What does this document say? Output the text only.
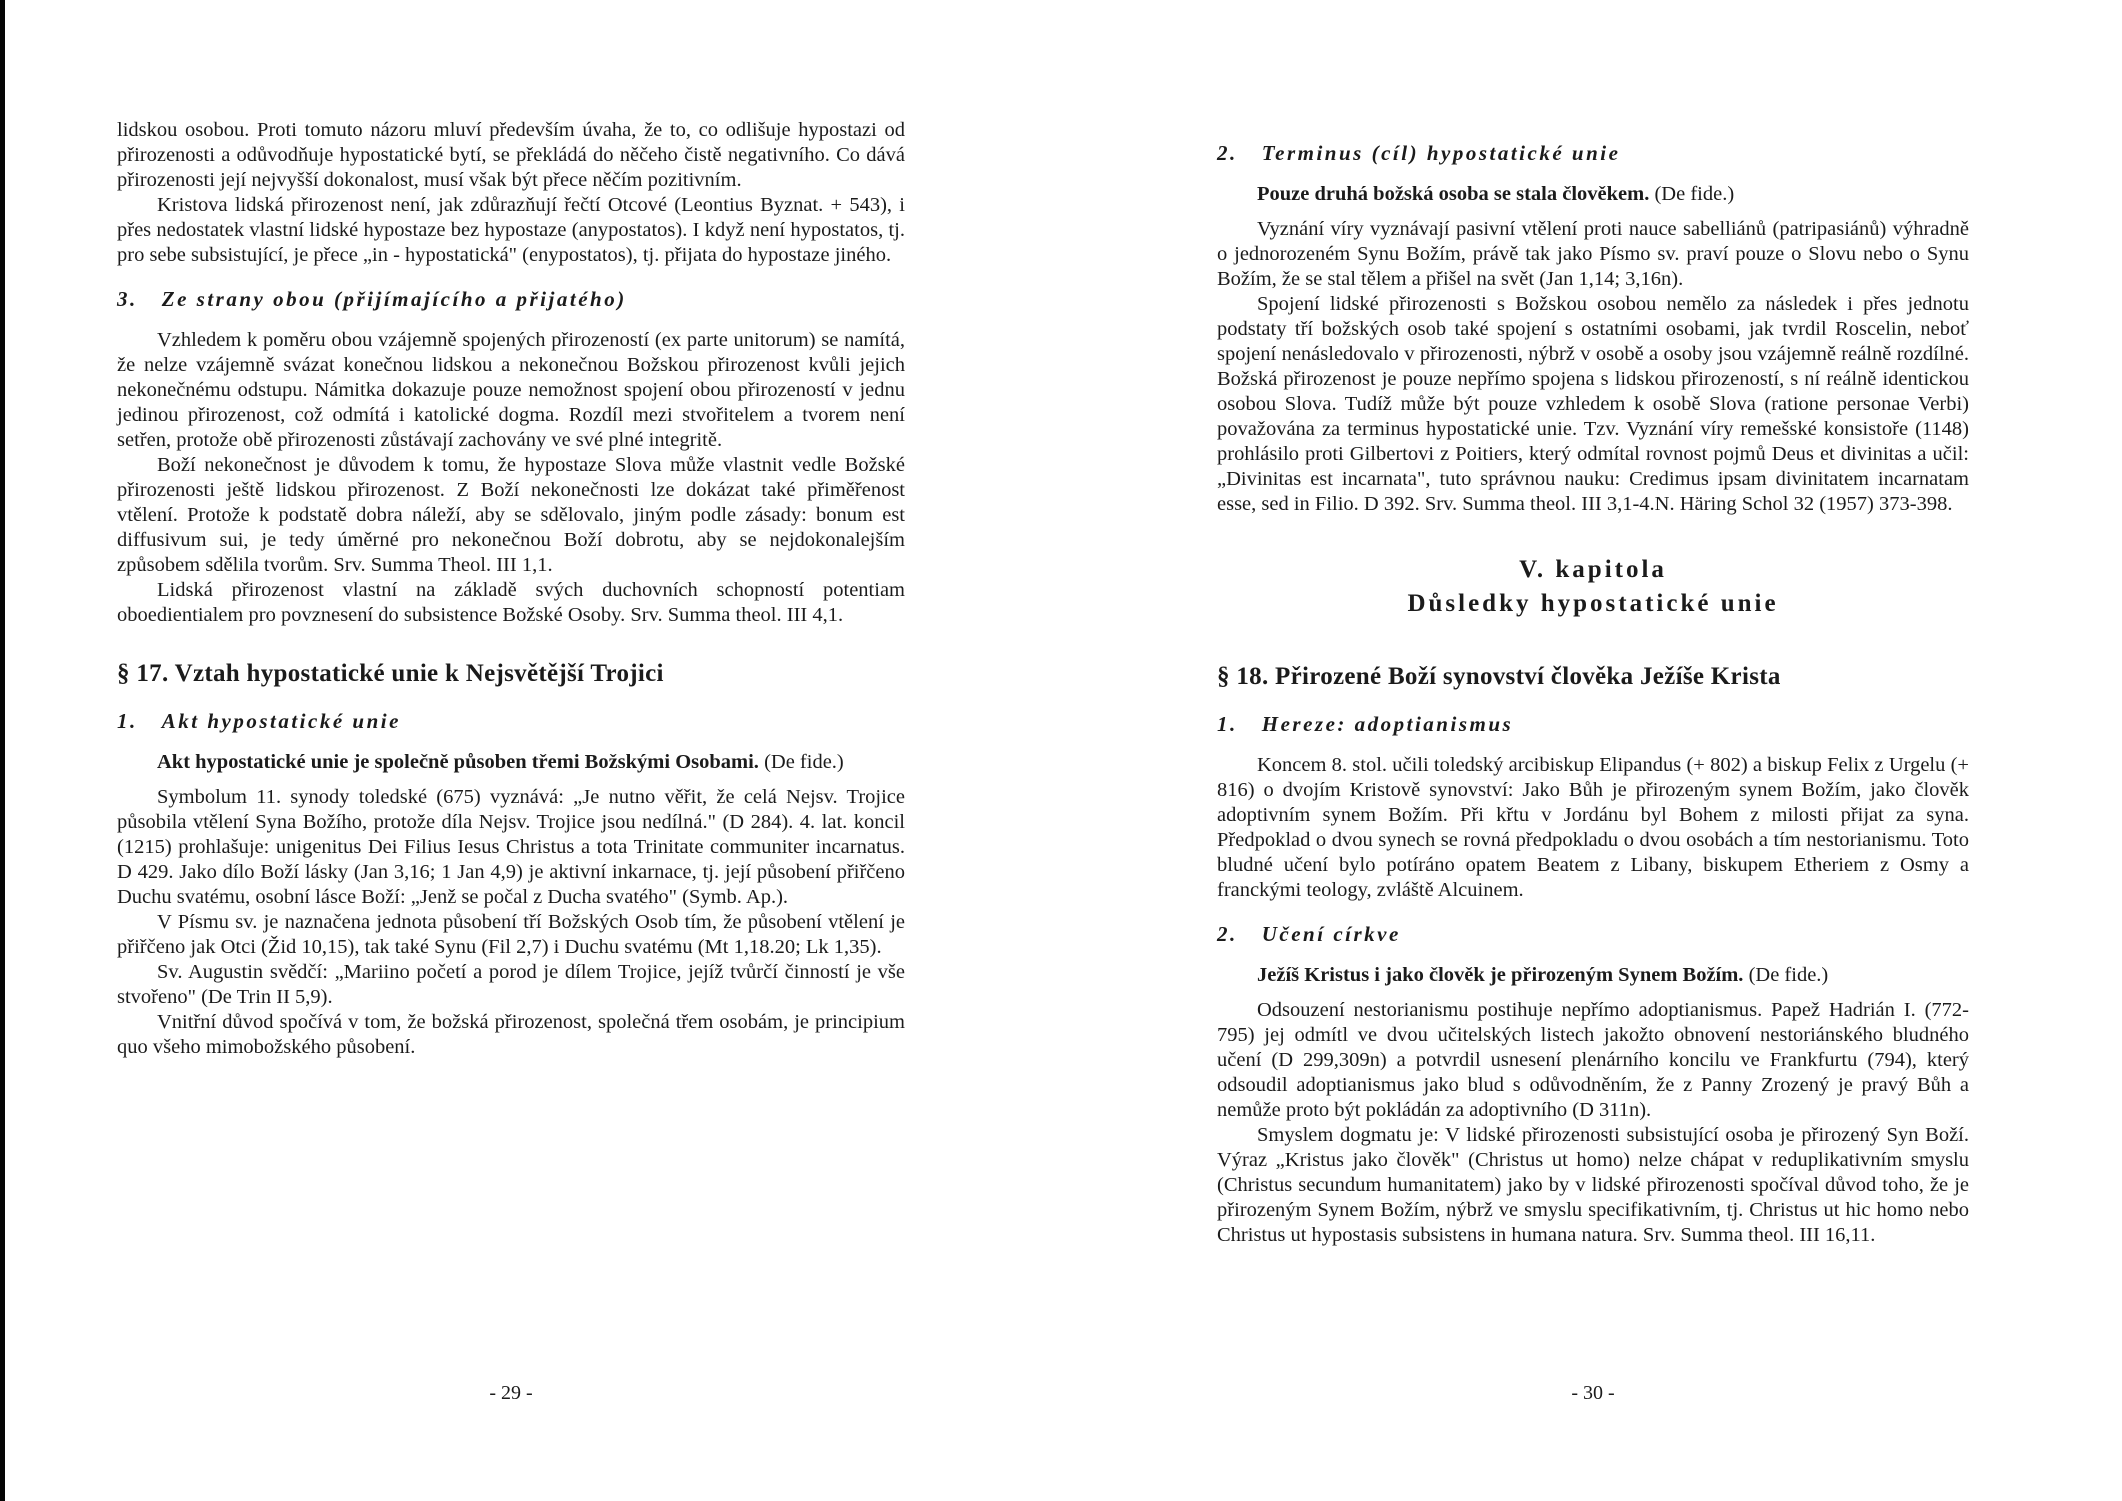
lidskou osobou. Proti tomuto názoru mluví především úvaha, že to, co odlišuje hypostazi od přirozenosti a odůvodňuje hypostatické bytí, se překládá do něčeho čistě negativního. Co dává přirozenosti její nejvyšší dokonalost, musí však být přece něčím pozitivním.

Kristova lidská přirozenost není, jak zdůrazňují řečtí Otcové (Leontius Byznat. + 543), i přes nedostatek vlastní lidské hypostaze bez hypostaze (anypostatos). I když není hypostatos, tj. pro sebe subsistující, je přece „in - hypostatická" (enypostatos), tj. přijata do hypostaze jiného.

3. Ze strany obou (přijímajícího a přijatého)

Vzhledem k poměru obou vzájemně spojených přirozeností (ex parte unitorum) se namítá, že nelze vzájemně svázat konečnou lidskou a nekonečnou Božskou přirozenost kvůli jejich nekonečnému odstupu. Námitka dokazuje pouze nemožnost spojení obou přirozeností v jednu jedinou přirozenost, což odmítá i katolické dogma. Rozdíl mezi stvořitelem a tvorem není setřen, protože obě přirozenosti zůstávají zachovány ve své plné integritě.

Boží nekonečnost je důvodem k tomu, že hypostaze Slova může vlastnit vedle Božské přirozenosti ještě lidskou přirozenost. Z Boží nekonečnosti lze dokázat také přiměřenost vtělení. Protože k podstatě dobra náleží, aby se sdělovalo, jiným podle zásady: bonum est diffusivum sui, je tedy úměrné pro nekonečnou Boží dobrotu, aby se nejdokonalejším způsobem sdělila tvorům. Srv. Summa Theol. III 1,1.

Lidská přirozenost vlastní na základě svých duchovních schopností potentiam oboedientialem pro povznesení do subsistence Božské Osoby. Srv. Summa theol. III 4,1.

§ 17. Vztah hypostatické unie k Nejsvětější Trojici
1. Akt hypostatické unie

Akt hypostatické unie je společně působen třemi Božskými Osobami. (De fide.)

Symbolum 11. synody toledské (675) vyznává: „Je nutno věřit, že celá Nejsv. Trojice působila vtělení Syna Božího, protože díla Nejsv. Trojice jsou nedílná." (D 284). 4. lat. koncil (1215) prohlašuje: unigenitus Dei Filius Iesus Christus a tota Trinitate communiter incarnatus. D 429. Jako dílo Boží lásky (Jan 3,16; 1 Jan 4,9) je aktivní inkarnace, tj. její působení přiřčeno Duchu svatému, osobní lásce Boží: „Jenž se počal z Ducha svatého" (Symb. Ap.).

V Písmu sv. je naznačena jednota působení tří Božských Osob tím, že působení vtělení je přiřčeno jak Otci (Žid 10,15), tak také Synu (Fil 2,7) i Duchu svatému (Mt 1,18.20; Lk 1,35).

Sv. Augustin svědčí: „Mariino početí a porod je dílem Trojice, jejíž tvůrčí činností je vše stvořeno" (De Trin II 5,9).

Vnitřní důvod spočívá v tom, že božská přirozenost, společná třem osobám, je principium quo všeho mimobožského působení.

2. Terminus (cíl) hypostatické unie

Pouze druhá božská osoba se stala člověkem. (De fide.)

Vyznání víry vyznávají pasivní vtělení proti nauce sabelliánů (patripasiánů) výhradně o jednorozeném Synu Božím, právě tak jako Písmo sv. praví pouze o Slovu nebo o Synu Božím, že se stal tělem a přišel na svět (Jan 1,14; 3,16n).

Spojení lidské přirozenosti s Božskou osobou nemělo za následek i přes jednotu podstaty tří božských osob také spojení s ostatními osobami, jak tvrdil Roscelin, neboť spojení nenásledovalo v přirozenosti, nýbrž v osobě a osoby jsou vzájemně reálně rozdílné. Božská přirozenost je pouze nepřímo spojena s lidskou přirozeností, s ní reálně identickou osobou Slova. Tudíž může být pouze vzhledem k osobě Slova (ratione personae Verbi) považována za terminus hypostatické unie. Tzv. Vyznání víry remešské konsistoře (1148) prohlásilo proti Gilbertovi z Poitiers, který odmítal rovnost pojmů Deus et divinitas a učil: „Divinitas est incarnata", tuto správnou nauku: Credimus ipsam divinitatem incarnatam esse, sed in Filio. D 392. Srv. Summa theol. III 3,1-4.N. Häring Schol 32 (1957) 373-398.

V. kapitola
Důsledky hypostatické unie
§ 18. Přirozené Boží synovství člověka Ježíše Krista
1. Hereze: adoptianismus

Koncem 8. stol. učili toledský arcibiskup Elipandus (+ 802) a biskup Felix z Urgelu (+ 816) o dvojím Kristově synovství: Jako Bůh je přirozeným synem Božím, jako člověk adoptivním synem Božím. Při křtu v Jordánu byl Bohem z milosti přijat za syna. Předpoklad o dvou synech se rovná předpokladu o dvou osobách a tím nestorianismu. Toto bludné učení bylo potíráno opatem Beatem z Libany, biskupem Etheriem z Osmy a franckými teology, zvláště Alcuinem.

2. Učení církve

Ježíš Kristus i jako člověk je přirozeným Synem Božím. (De fide.)

Odsouzení nestorianismu postihuje nepřímo adoptianismus. Papež Hadrián I. (772-795) jej odmítl ve dvou učitelských listech jakožto obnovení nestoriánského bludného učení (D 299,309n) a potvrdil usnesení plenárního koncilu ve Frankfurtu (794), který odsoudil adoptianismus jako blud s odůvodněním, že z Panny Zrozený je pravý Bůh a nemůže proto být pokládán za adoptivního (D 311n).

Smyslem dogmatu je: V lidské přirozenosti subsistující osoba je přirozený Syn Boží. Výraz „Kristus jako člověk" (Christus ut homo) nelze chápat v reduplikativním smyslu (Christus secundum humanitatem) jako by v lidské přirozenosti spočíval důvod toho, že je přirozeným Synem Božím, nýbrž ve smyslu specifikativním, tj. Christus ut hic homo nebo Christus ut hypostasis subsistens in humana natura. Srv. Summa theol. III 16,11.

- 29 -	- 30 -
